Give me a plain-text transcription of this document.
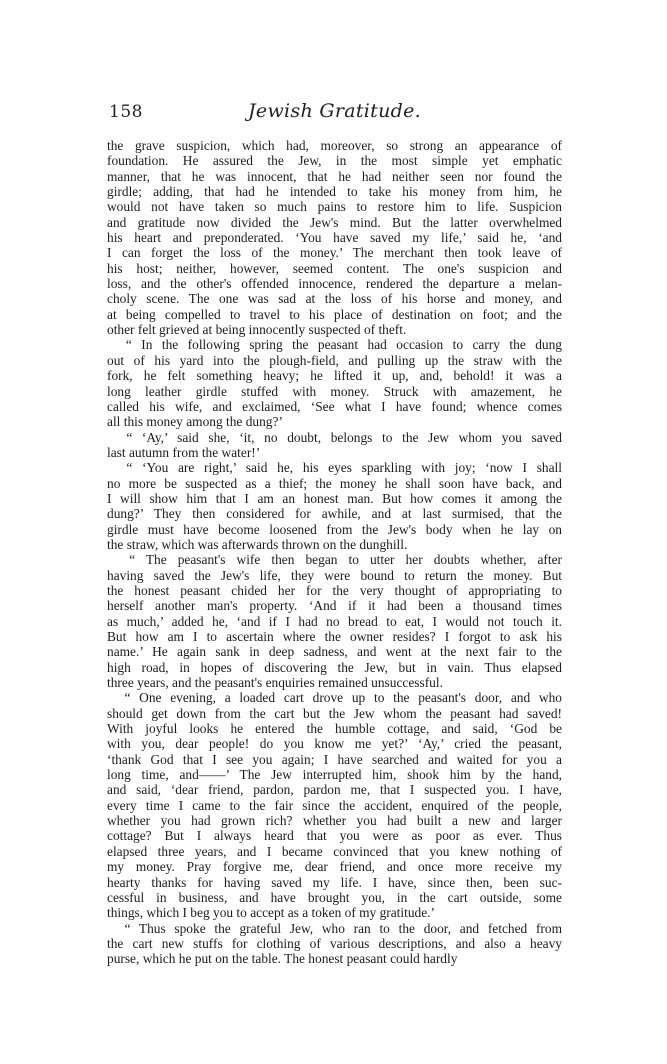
158	Jewish Gratitude.

the grave suspicion, which had, moreover, so strong an appearance of
foundation. He assured the Jew, in the most simple yet emphatic
manner, that he was innocent, that he had neither seen nor found the
girdle; adding, that had he intended to take his money from him, he
would not have taken so much pains to restore him to life. Suspicion
and gratitude now divided the Jew's mind. But the latter overwhelmed
his heart and preponderated. ‘You have saved my life,’ said he, ‘and
I can forget the loss of the money.’ The merchant then took leave of
his host; neither, however, seemed content. The one's suspicion and
loss, and the other's offended innocence, rendered the departure a melan-
choly scene. The one was sad at the loss of his horse and money, and
at being compelled to travel to his place of destination on foot; and the
other felt grieved at being innocently suspected of theft.

“ In the following spring the peasant had occasion to carry the dung
out of his yard into the plough-field, and pulling up the straw with the
fork, he felt something heavy; he lifted it up, and, behold! it was a
long leather girdle stuffed with money. Struck with amazement, he
called his wife, and exclaimed, ‘See what I have found; whence comes
all this money among the dung?’

“ ‘Ay,’ said she, ‘it, no doubt, belongs to the Jew whom you saved
last autumn from the water!’

“ ‘You are right,’ said he, his eyes sparkling with joy; ‘now I shall
no more be suspected as a thief; the money he shall soon have back, and
I will show him that I am an honest man. But how comes it among the
dung?’ They then considered for awhile, and at last surmised, that the
girdle must have become loosened from the Jew's body when he lay on
the straw, which was afterwards thrown on the dunghill.

“ The peasant's wife then began to utter her doubts whether, after
having saved the Jew's life, they were bound to return the money. But
the honest peasant chided her for the very thought of appropriating to
herself another man's property. ‘And if it had been a thousand times
as much,’ added he, ‘and if I had no bread to eat, I would not touch it.
But how am I to ascertain where the owner resides? I forgot to ask his
name.’ He again sank in deep sadness, and went at the next fair to the
high road, in hopes of discovering the Jew, but in vain. Thus elapsed
three years, and the peasant's enquiries remained unsuccessful.

“ One evening, a loaded cart drove up to the peasant's door, and who
should get down from the cart but the Jew whom the peasant had saved!
With joyful looks he entered the humble cottage, and said, ‘God be
with you, dear people! do you know me yet?’ ‘Ay,’ cried the peasant,
‘thank God that I see you again; I have searched and waited for you a
long time, and——’ The Jew interrupted him, shook him by the hand,
and said, ‘dear friend, pardon, pardon me, that I suspected you. I have,
every time I came to the fair since the accident, enquired of the people,
whether you had grown rich? whether you had built a new and larger
cottage? But I always heard that you were as poor as ever. Thus
elapsed three years, and I became convinced that you knew nothing of
my money. Pray forgive me, dear friend, and once more receive my
hearty thanks for having saved my life. I have, since then, been suc-
cessful in business, and have brought you, in the cart outside, some
things, which I beg you to accept as a token of my gratitude.’

“ Thus spoke the grateful Jew, who ran to the door, and fetched from
the cart new stuffs for clothing of various descriptions, and also a heavy
purse, which he put on the table. The honest peasant could hardly
